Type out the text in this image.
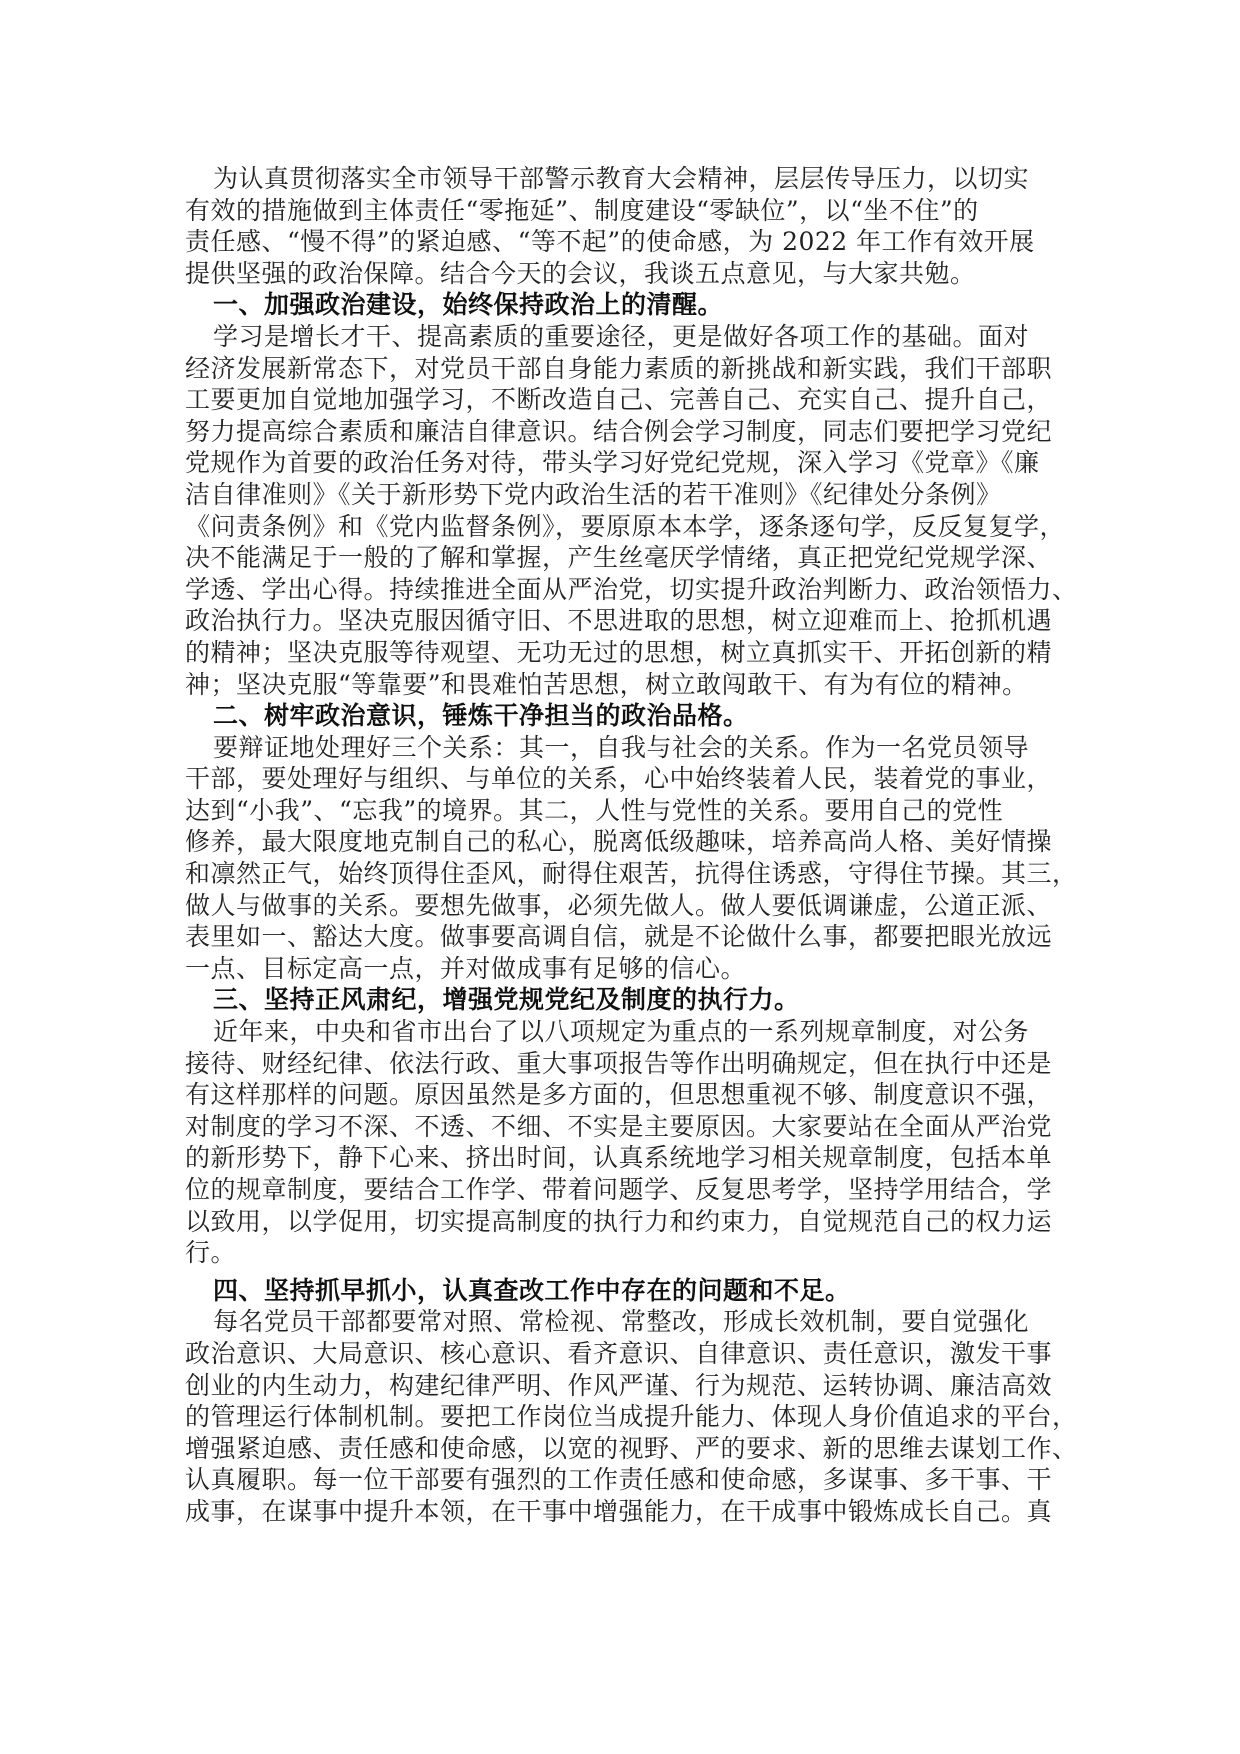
为认真贯彻落实全市领导干部警示教育大会精神，层层传导压力，以切实
有效的措施做到主体责任“零拖延”、制度建设“零缺位”，以“坐不住”的
责任感、“慢不得”的紧迫感、“等不起”的使命感，为 2022 年工作有效开展
提供坚强的政治保障。结合今天的会议，我谈五点意见，与大家共勉。
一、加强政治建设，始终保持政治上的清醒。
学习是增长才干、提高素质的重要途径，更是做好各项工作的基础。面对
经济发展新常态下，对党员干部自身能力素质的新挑战和新实践，我们干部职
工要更加自觉地加强学习，不断改造自己、完善自己、充实自己、提升自己，
努力提高综合素质和廉洁自律意识。结合例会学习制度，同志们要把学习党纪
党规作为首要的政治任务对待，带头学习好党纪党规，深入学习《党章》《廉
洁自律准则》《关于新形势下党内政治生活的若干准则》《纪律处分条例》
《问责条例》和《党内监督条例》，要原原本本学，逐条逐句学，反反复复学，
决不能满足于一般的了解和掌握，产生丝毫厌学情绪，真正把党纪党规学深、
学透、学出心得。持续推进全面从严治党，切实提升政治判断力、政治领悟力、
政治执行力。坚决克服因循守旧、不思进取的思想，树立迎难而上、抢抓机遇
的精神；坚决克服等待观望、无功无过的思想，树立真抓实干、开拓创新的精
神；坚决克服“等靠要”和畏难怕苦思想，树立敢闯敢干、有为有位的精神。
二、树牢政治意识，锤炼干净担当的政治品格。
要辩证地处理好三个关系：其一，自我与社会的关系。作为一名党员领导
干部，要处理好与组织、与单位的关系，心中始终装着人民，装着党的事业，
达到“小我”、“忘我”的境界。其二，人性与党性的关系。要用自己的党性
修养，最大限度地克制自己的私心，脱离低级趣味，培养高尚人格、美好情操
和凛然正气，始终顶得住歪风，耐得住艰苦，抗得住诱惑，守得住节操。其三，
做人与做事的关系。要想先做事，必须先做人。做人要低调谦虚，公道正派、
表里如一、豁达大度。做事要高调自信，就是不论做什么事，都要把眼光放远
一点、目标定高一点，并对做成事有足够的信心。
三、坚持正风肃纪，增强党规党纪及制度的执行力。
近年来，中央和省市出台了以八项规定为重点的一系列规章制度，对公务
接待、财经纪律、依法行政、重大事项报告等作出明确规定，但在执行中还是
有这样那样的问题。原因虽然是多方面的，但思想重视不够、制度意识不强，
对制度的学习不深、不透、不细、不实是主要原因。大家要站在全面从严治党
的新形势下，静下心来、挤出时间，认真系统地学习相关规章制度，包括本单
位的规章制度，要结合工作学、带着问题学、反复思考学，坚持学用结合，学
以致用，以学促用，切实提高制度的执行力和约束力，自觉规范自己的权力运
行。
四、坚持抓早抓小，认真查改工作中存在的问题和不足。
每名党员干部都要常对照、常检视、常整改，形成长效机制，要自觉强化
政治意识、大局意识、核心意识、看齐意识、自律意识、责任意识，激发干事
创业的内生动力，构建纪律严明、作风严谨、行为规范、运转协调、廉洁高效
的管理运行体制机制。要把工作岗位当成提升能力、体现人身价值追求的平台，
增强紧迫感、责任感和使命感，以宽的视野、严的要求、新的思维去谋划工作、
认真履职。每一位干部要有强烈的工作责任感和使命感，多谋事、多干事、干
成事，在谋事中提升本领，在干事中增强能力，在干成事中锻炼成长自己。真
